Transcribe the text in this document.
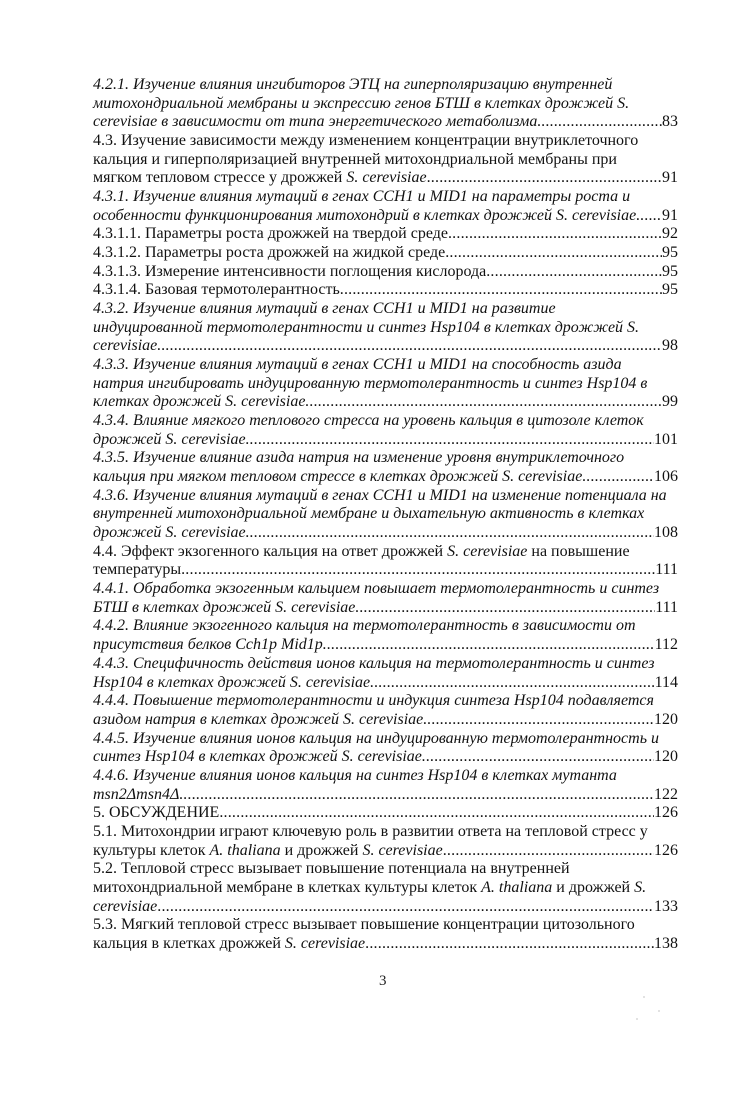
4.2.1. Изучение влияния ингибиторов ЭТЦ на гиперполяризацию внутренней
митохондриальной мембраны и экспрессию генов БТШ в клетках дрожжей S.
cerevisiae в зависимости от типа энергетического метаболизма .....	83
4.3. Изучение зависимости между изменением концентрации внутриклеточного
кальция и гиперполяризацией внутренней митохондриальной мембраны при
мягком тепловом стрессе у дрожжей S. cerevisiae .....	91
4.3.1. Изучение влияния мутаций в генах CCH1 и MID1 на параметры роста и
особенности функционирования митохондрий в клетках дрожжей S. cerevisiae ..... 91
4.3.1.1. Параметры роста дрожжей на твердой среде .....	92
4.3.1.2. Параметры роста дрожжей на жидкой среде .....	95
4.3.1.3. Измерение интенсивности поглощения кислорода .....	95
4.3.1.4. Базовая термотолерантность .....	95
4.3.2. Изучение влияния мутаций в генах CCH1 и MID1 на развитие
индуцированной термотолерантности и синтез Hsp104 в клетках дрожжей S.
cerevisiae .....	98
4.3.3. Изучение влияния мутаций в генах CCH1 и MID1 на способность азида
натрия ингибировать индуцированную термотолерантность и синтез Hsp104 в
клетках дрожжей S. cerevisiae .....	99
4.3.4. Влияние мягкого теплового стресса на уровень кальция в цитозоле клеток
дрожжей S. cerevisiae .....	101
4.3.5. Изучение влияние азида натрия на изменение уровня внутриклеточного
кальция при мягком тепловом стрессе в клетках дрожжей S. cerevisiae .....	106
4.3.6. Изучение влияния мутаций в генах CCH1 и MID1 на изменение потенциала на
внутренней митохондриальной мембране и дыхательную активность в клетках
дрожжей S. cerevisiae .....	108
4.4. Эффект экзогенного кальция на ответ дрожжей S. cerevisiae на повышение
температуры .....	111
4.4.1. Обработка экзогенным кальцием повышает термотолерантность и синтез
БТШ в клетках дрожжей S. cerevisiae .....	111
4.4.2. Влияние экзогенного кальция на термотолерантность в зависимости от
присутствия белков Cch1p Mid1p .....	112
4.4.3. Специфичность действия ионов кальция на термотолерантность и синтез
Hsp104 в клетках дрожжей S. cerevisiae .....	114
4.4.4. Повышение термотолерантности и индукция синтеза Hsp104 подавляется
азидом натрия в клетках дрожжей S. cerevisiae .....	120
4.4.5. Изучение влияния ионов кальция на индуцированную термотолерантность и
синтез Hsp104 в клетках дрожжей S. cerevisiae .....	120
4.4.6. Изучение влияния ионов кальция на синтез Hsp104 в клетках мутанта
msn2Δmsn4Δ .....	122
5. ОБСУЖДЕНИЕ .....	126
5.1. Митохондрии играют ключевую роль в развитии ответа на тепловой стресс у
культуры клеток A. thaliana и дрожжей S. cerevisiae .....	126
5.2. Тепловой стресс вызывает повышение потенциала на внутренней
митохондриальной мембране в клетках культуры клеток A. thaliana и дрожжей S.
cerevisiae .....	133
5.3. Мягкий тепловой стресс вызывает повышение концентрации цитозольного
кальция в клетках дрожжей S. cerevisiae .....	138
3
